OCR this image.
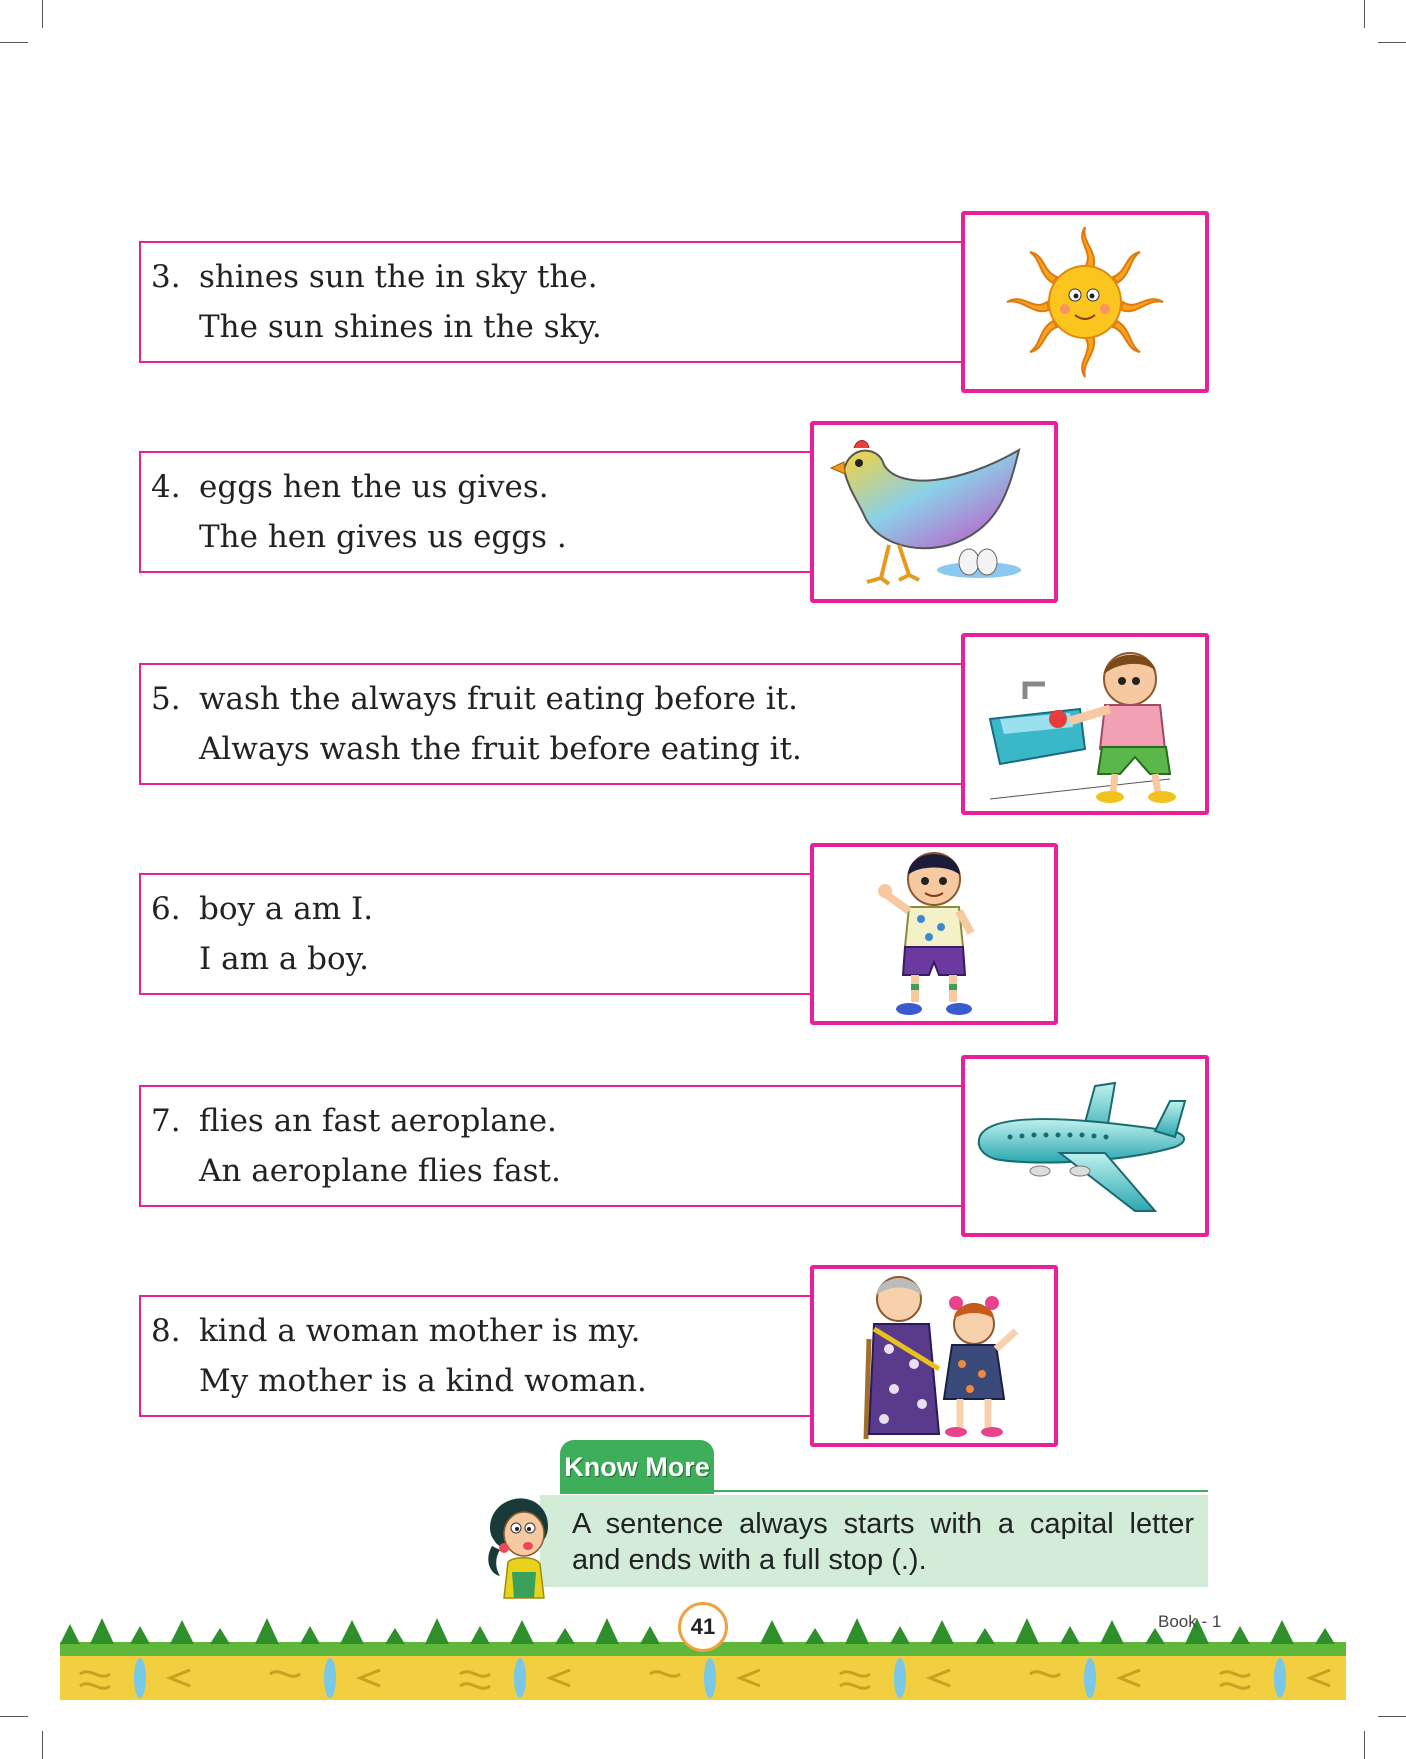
3. shines sun the in sky the.
The sun shines in the sky.
4. eggs hen the us gives.
The hen gives us eggs .
5. wash the always fruit eating before it.
Always wash the fruit before eating it.
6. boy a am I.
I am a boy.
7. flies an fast aeroplane.
An aeroplane flies fast.
8. kind a woman mother is my.
My mother is a kind woman.
Know More
A sentence always starts with a capital letter and ends with a full stop (.).
41	Book - 1
